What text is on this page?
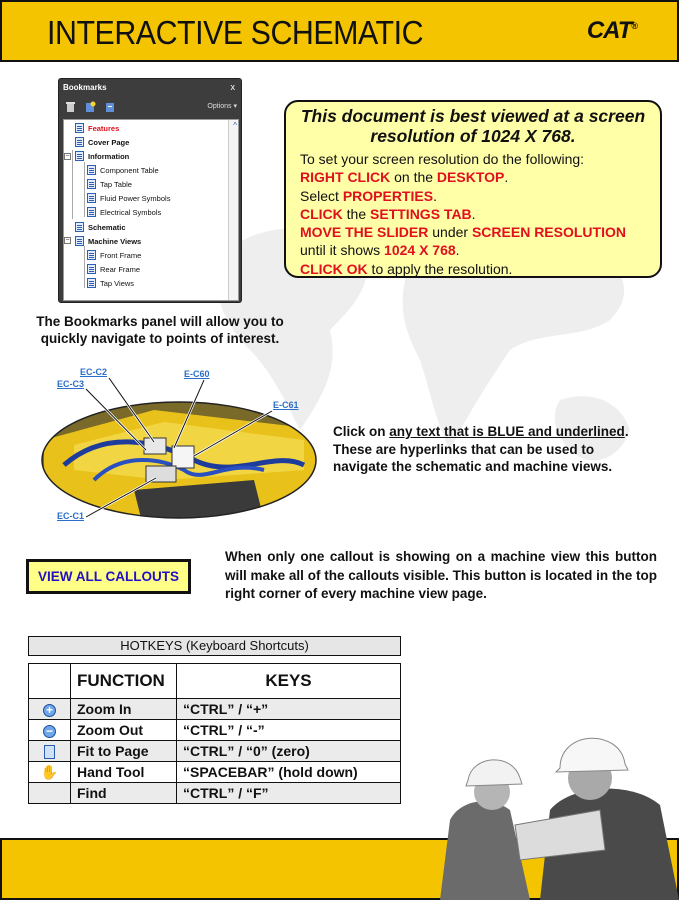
INTERACTIVE SCHEMATIC	CAT®
Bookmarks	x
Options ▾
^
Features
Cover Page
− Information
Component Table
Tap Table
Fluid Power Symbols
Electrical Symbols
Schematic
− Machine Views
Front Frame
Rear Frame
Tap Views
The Bookmarks panel will allow you to quickly navigate to points of interest.
This document is best viewed at a screen resolution of 1024 X 768.
To set your screen resolution do the following:
RIGHT CLICK on the DESKTOP.
Select PROPERTIES.
CLICK the SETTINGS TAB.
MOVE THE SLIDER under SCREEN RESOLUTION
until it shows 1024 X 768.
CLICK OK to apply the resolution.
EC-C2
EC-C3
E-C60
E-C61
EC-C1
Click on any text that is BLUE and underlined. These are hyperlinks that can be used to navigate the schematic and machine views.
VIEW ALL CALLOUTS
When only one callout is showing on a machine view this button will make all of the callouts visible. This button is located in the top right corner of every machine view page.
HOTKEYS (Keyboard Shortcuts)
	FUNCTION	KEYS
+	Zoom In	“CTRL” / “+”
−	Zoom Out	“CTRL” / “-”
	Fit to Page	“CTRL” / “0” (zero)
✋	Hand Tool	“SPACEBAR” (hold down)
	Find	“CTRL” / “F”
